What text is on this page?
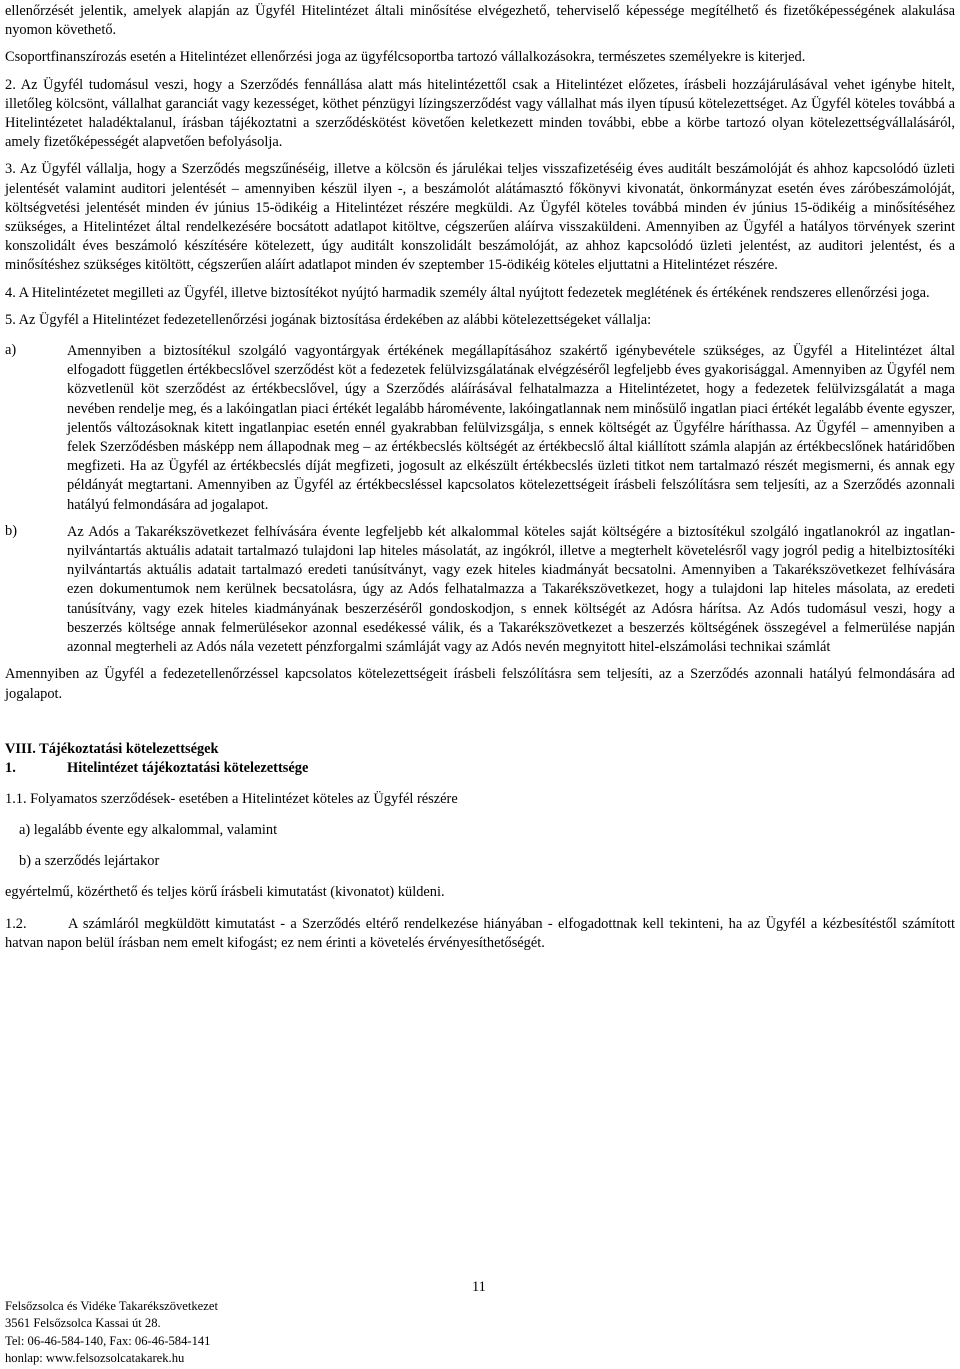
ellenőrzését jelentik, amelyek alapján az Ügyfél Hitelintézet általi minősítése elvégezhető, teherviselő képessége megítélhető és fizetőképességének alakulása nyomon követhető.

Csoportfinanszírozás esetén a Hitelintézet ellenőrzési joga az ügyfélcsoportba tartozó vállalkozásokra, természetes személyekre is kiterjed.

2. Az Ügyfél tudomásul veszi, hogy a Szerződés fennállása alatt más hitelintézettől csak a Hitelintézet előzetes, írásbeli hozzájárulásával vehet igénybe hitelt, illetőleg kölcsönt, vállalhat garanciát vagy kezességet, köthet pénzügyi lízingszerződést vagy vállalhat más ilyen típusú kötelezettséget. Az Ügyfél köteles továbbá a Hitelintézetet haladéktalanul, írásban tájékoztatni a szerződéskötést követően keletkezett minden további, ebbe a körbe tartozó olyan kötelezettségvállalásáról, amely fizetőképességét alapvetően befolyásolja.

3. Az Ügyfél vállalja, hogy a Szerződés megszűnéséig, illetve a kölcsön és járulékai teljes visszafizetéséig éves auditált beszámolóját és ahhoz kapcsolódó üzleti jelentését valamint auditori jelentését – amennyiben készül ilyen -, a beszámolót alátámasztó főkönyvi kivonatát, önkormányzat esetén éves záróbeszámolóját, költségvetési jelentését minden év június 15-ödikéig a Hitelintézet részére megküldi. Az Ügyfél köteles továbbá minden év június 15-ödikéig a minősítéséhez szükséges, a Hitelintézet által rendelkezésére bocsátott adatlapot kitöltve, cégszerűen aláírva visszaküldeni. Amennyiben az Ügyfél a hatályos törvények szerint konszolidált éves beszámoló készítésére kötelezett, úgy auditált konszolidált beszámolóját, az ahhoz kapcsolódó üzleti jelentést, az auditori jelentést, és a minősítéshez szükséges kitöltött, cégszerűen aláírt adatlapot minden év szeptember 15-ödikéig köteles eljuttatni a Hitelintézet részére.

4. A Hitelintézetet megilleti az Ügyfél, illetve biztosítékot nyújtó harmadik személy által nyújtott fedezetek meglétének és értékének rendszeres ellenőrzési joga.

5. Az Ügyfél a Hitelintézet fedezetellenőrzési jogának biztosítása érdekében az alábbi kötelezettségeket vállalja:

a)	Amennyiben a biztosítékul szolgáló vagyontárgyak értékének megállapításához szakértő igénybevétele szükséges, az Ügyfél a Hitelintézet által elfogadott független értékbecslővel szerződést köt a fedezetek felülvizsgálatának elvégzéséről legfeljebb éves gyakorisággal. Amennyiben az Ügyfél nem közvetlenül köt szerződést az értékbecslővel, úgy a Szerződés aláírásával felhatalmazza a Hitelintézetet, hogy a fedezetek felülvizsgálatát a maga nevében rendelje meg, és a lakóingatlan piaci értékét legalább háromévente, lakóingatlannak nem minősülő ingatlan piaci értékét legalább évente egyszer, jelentős változásoknak kitett ingatlanpiac esetén ennél gyakrabban felülvizsgálja, s ennek költségét az Ügyfélre háríthassa. Az Ügyfél – amennyiben a felek Szerződésben másképp nem állapodnak meg – az értékbecslés költségét az értékbecslő által kiállított számla alapján az értékbecslőnek határidőben megfizeti. Ha az Ügyfél az értékbecslés díját megfizeti, jogosult az elkészült értékbecslés üzleti titkot nem tartalmazó részét megismerni, és annak egy példányát megtartani. Amennyiben az Ügyfél az értékbecsléssel kapcsolatos kötelezettségeit írásbeli felszólításra sem teljesíti, az a Szerződés azonnali hatályú felmondására ad jogalapot.

b)	Az Adós a Takarékszövetkezet felhívására évente legfeljebb két alkalommal köteles saját költségére a biztosítékul szolgáló ingatlanokról az ingatlan-nyilvántartás aktuális adatait tartalmazó tulajdoni lap hiteles másolatát, az ingókról, illetve a megterhelt követelésről vagy jogról pedig a hitelbiztosítéki nyilvántartás aktuális adatait tartalmazó eredeti tanúsítványt, vagy ezek hiteles kiadmányát becsatolni. Amennyiben a Takarékszövetkezet felhívására ezen dokumentumok nem kerülnek becsatolásra, úgy az Adós felhatalmazza a Takarékszövetkezet, hogy a tulajdoni lap hiteles másolata, az eredeti tanúsítvány, vagy ezek hiteles kiadmányának beszerzéséről gondoskodjon, s ennek költségét az Adósra hárítsa. Az Adós tudomásul veszi, hogy a beszerzés költsége annak felmerülésekor azonnal esedékessé válik, és a Takarékszövetkezet a beszerzés költségének összegével a felmerülése napján azonnal megterheli az Adós nála vezetett pénzforgalmi számláját vagy az Adós nevén megnyitott hitel-elszámolási technikai számlát

Amennyiben az Ügyfél a fedezetellenőrzéssel kapcsolatos kötelezettségeit írásbeli felszólításra sem teljesíti, az a Szerződés azonnali hatályú felmondására ad jogalapot.

VIII. Tájékoztatási kötelezettségek
1.	Hitelintézet tájékoztatási kötelezettsége

1.1. Folyamatos szerződések- esetében a Hitelintézet köteles az Ügyfél részére

a) legalább évente egy alkalommal, valamint

b) a szerződés lejártakor

egyértelmű, közérthető és teljes körű írásbeli kimutatást (kivonatot) küldeni.

1.2.	A számláról megküldött kimutatást - a Szerződés eltérő rendelkezése hiányában - elfogadottnak kell tekinteni, ha az Ügyfél a kézbesítéstől számított hatvan napon belül írásban nem emelt kifogást; ez nem érinti a követelés érvényesíthetőségét.

11
Felsőzsolca és Vidéke Takarékszövetkezet
3561 Felsőzsolca Kassai út 28.
Tel: 06-46-584-140, Fax: 06-46-584-141
honlap: www.felsozsolcatakarek.hu
